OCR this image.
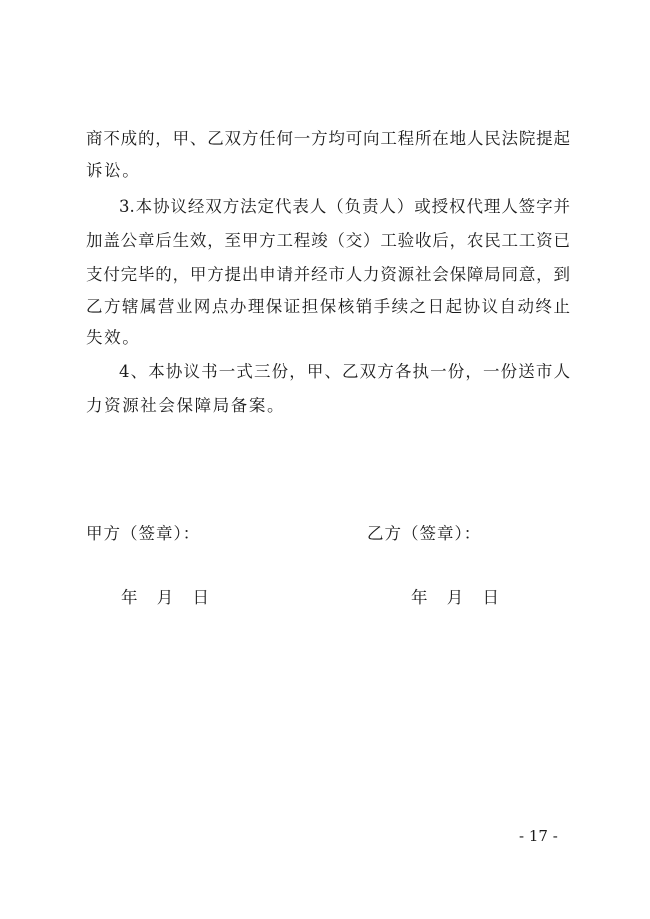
商不成的，甲、乙双方任何一方均可向工程所在地人民法院提起
诉讼。
3.本协议经双方法定代表人（负责人）或授权代理人签字并
加盖公章后生效，至甲方工程竣（交）工验收后，农民工工资已
支付完毕的，甲方提出申请并经市人力资源社会保障局同意，到
乙方辖属营业网点办理保证担保核销手续之日起协议自动终止
失效。
4、本协议书一式三份，甲、乙双方各执一份，一份送市人
力资源社会保障局备案。
甲方（签章）：	乙方（签章）：
年 月 日	年 月 日
- 17 -
